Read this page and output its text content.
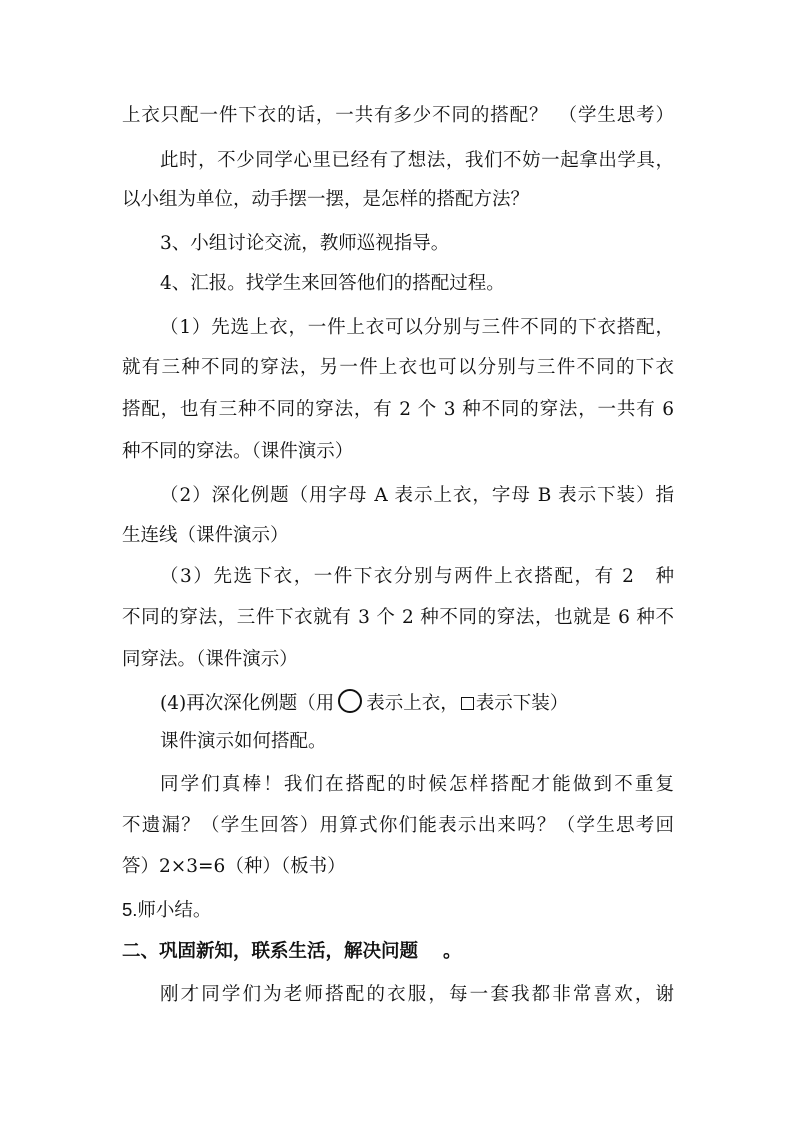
上衣只配一件下衣的话，一共有多少不同的搭配？　（学生思考）
此时，不少同学心里已经有了想法，我们不妨一起拿出学具，
以小组为单位，动手摆一摆，是怎样的搭配方法？
3、小组讨论交流，教师巡视指导。
4、汇报。找学生来回答他们的搭配过程。
（1）先选上衣，一件上衣可以分别与三件不同的下衣搭配，
就有三种不同的穿法，另一件上衣也可以分别与三件不同的下衣
搭配，也有三种不同的穿法，有 2 个 3 种不同的穿法，一共有 6
种不同的穿法。（课件演示）
（2）深化例题（用字母 A 表示上衣，字母 B 表示下装）指
生连线（课件演示）
（3）先选下衣，一件下衣分别与两件上衣搭配，有 2　种
不同的穿法，三件下衣就有 3 个 2 种不同的穿法，也就是 6 种不
同穿法。（课件演示）
(4)再次深化例题（用 表示上衣， 表示下装）
课件演示如何搭配。
同学们真棒！我们在搭配的时候怎样搭配才能做到不重复
不遗漏？（学生回答）用算式你们能表示出来吗？（学生思考回
答）2×3=6（种）（板书）
5.师小结。
二、巩固新知，联系生活，解决问题　 。
刚才同学们为老师搭配的衣服，每一套我都非常喜欢，谢
